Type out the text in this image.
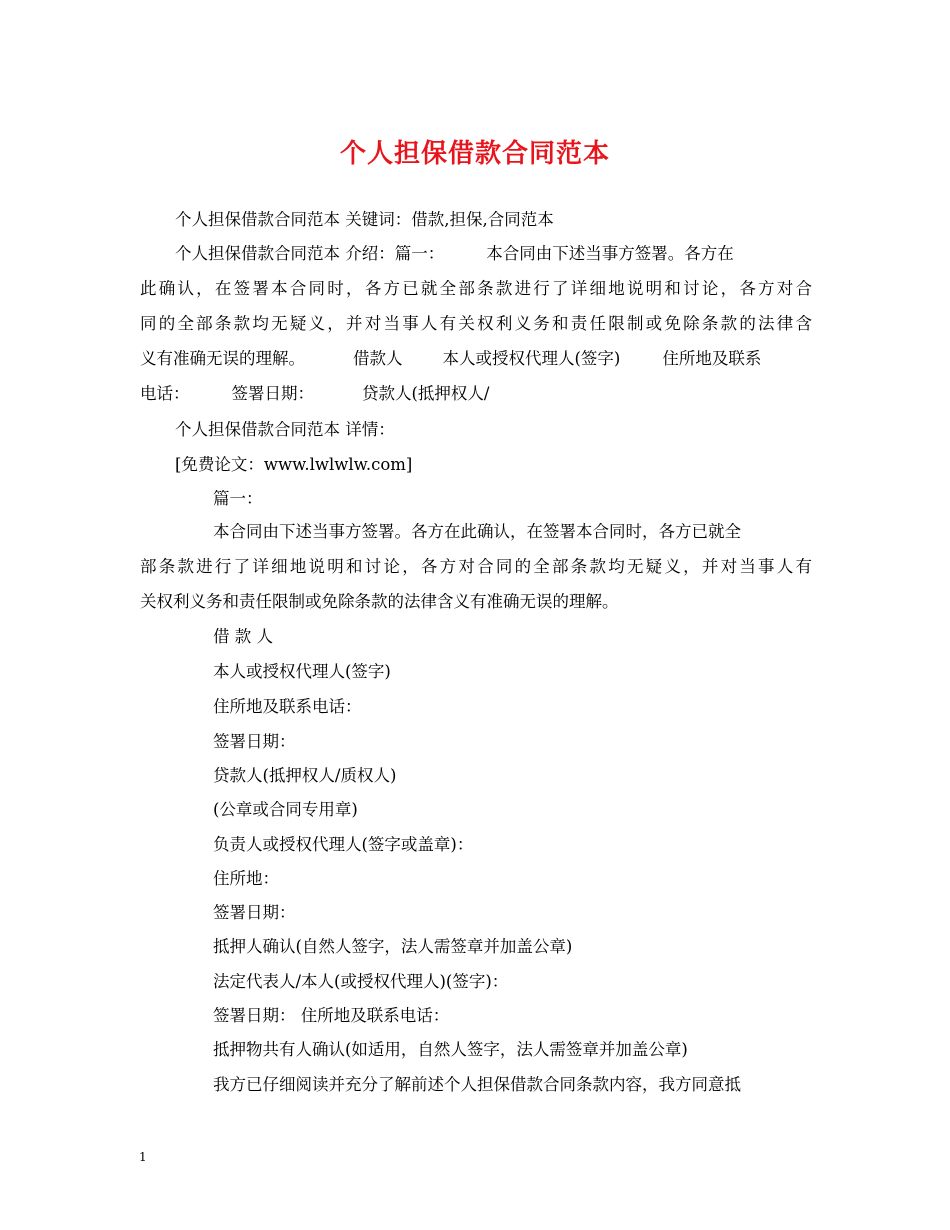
个人担保借款合同范本
个人担保借款合同范本 关键词：借款,担保,合同范本
个人担保借款合同范本 介绍：篇一：	本合同由下述当事方签署。各方在
此确认，在签署本合同时，各方已就全部条款进行了详细地说明和讨论，各方对合
同的全部条款均无疑义，并对当事人有关权利义务和责任限制或免除条款的法律含
义有准确无误的理解。	借款人 本人或授权代理人(签字)	住所地及联系
电话：	签署日期：	贷款人(抵押权人/
个人担保借款合同范本 详情：
[免费论文：www.lwlwlw.com]
篇一：
本合同由下述当事方签署。各方在此确认，在签署本合同时，各方已就全
部条款进行了详细地说明和讨论，各方对合同的全部条款均无疑义，并对当事人有
关权利义务和责任限制或免除条款的法律含义有准确无误的理解。
借 款 人
本人或授权代理人(签字)
住所地及联系电话：
签署日期：
贷款人(抵押权人/质权人)
(公章或合同专用章)
负责人或授权代理人(签字或盖章)：
住所地：
签署日期：
抵押人确认(自然人签字，法人需签章并加盖公章)
法定代表人/本人(或授权代理人)(签字)：
签署日期： 住所地及联系电话：
抵押物共有人确认(如适用，自然人签字，法人需签章并加盖公章)
我方已仔细阅读并充分了解前述个人担保借款合同条款内容，我方同意抵
1
